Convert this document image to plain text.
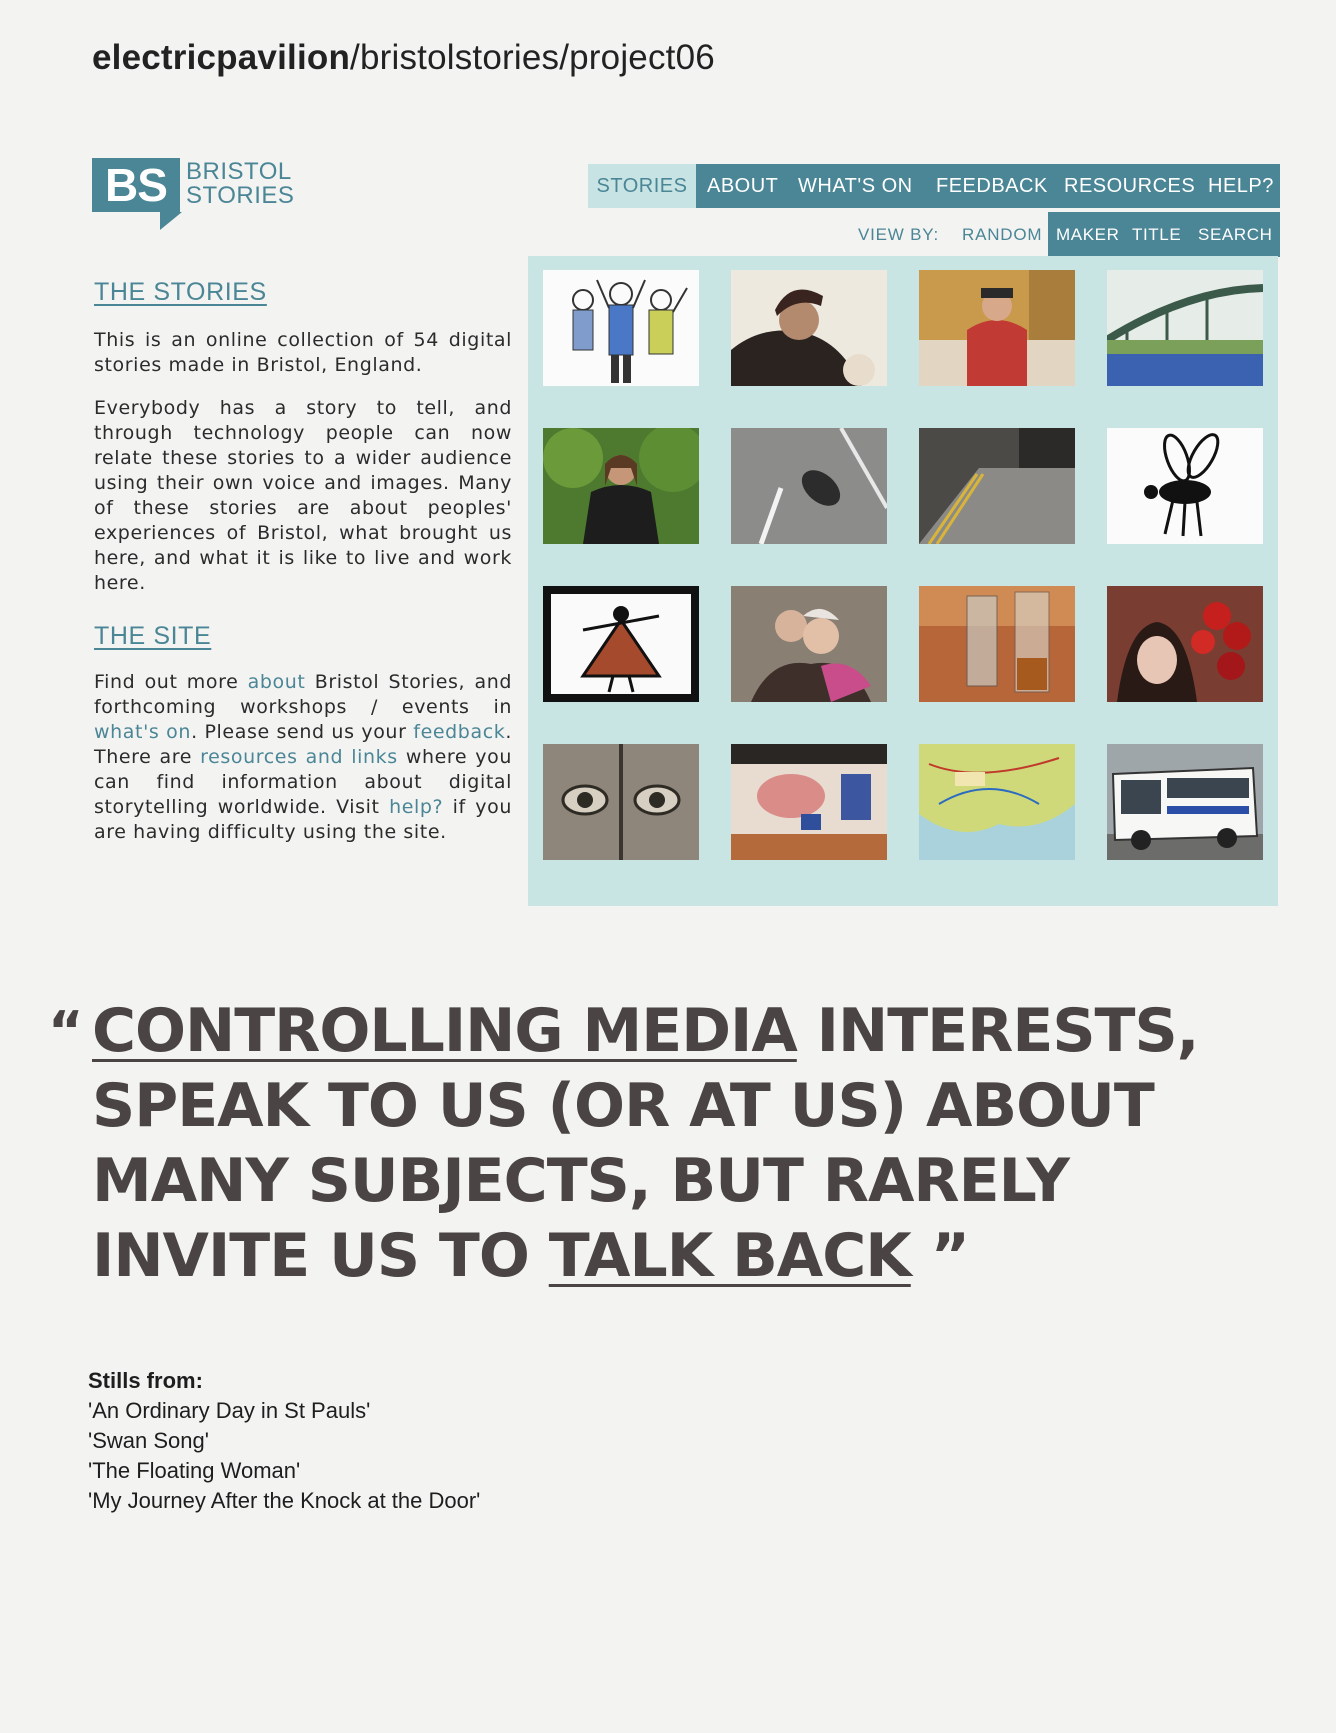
electricpavilion/bristolstories/project06
BS BRISTOL
STORIES	STORIES ABOUT WHAT'S ON FEEDBACK RESOURCES HELP?
VIEW BY: RANDOM MAKER TITLE SEARCH
THE STORIES
This is an online collection of 54 digital stories made in Bristol, England.
Everybody has a story to tell, and through technology people can now relate these stories to a wider audience using their own voice and images. Many of these stories are about peoples' experiences of Bristol, what brought us here, and what it is like to live and work here.
THE SITE
Find out more about Bristol Stories, and forthcoming workshops / events in what's on. Please send us your feedback. There are resources and links where you can find information about digital storytelling worldwide. Visit help? if you are having difficulty using the site.
“ CONTROLLING MEDIA INTERESTS, SPEAK TO US (OR AT US) ABOUT MANY SUBJECTS, BUT RARELY INVITE US TO TALK BACK ”
Stills from:
'An Ordinary Day in St Pauls'
'Swan Song'
'The Floating Woman'
'My Journey After the Knock at the Door'
